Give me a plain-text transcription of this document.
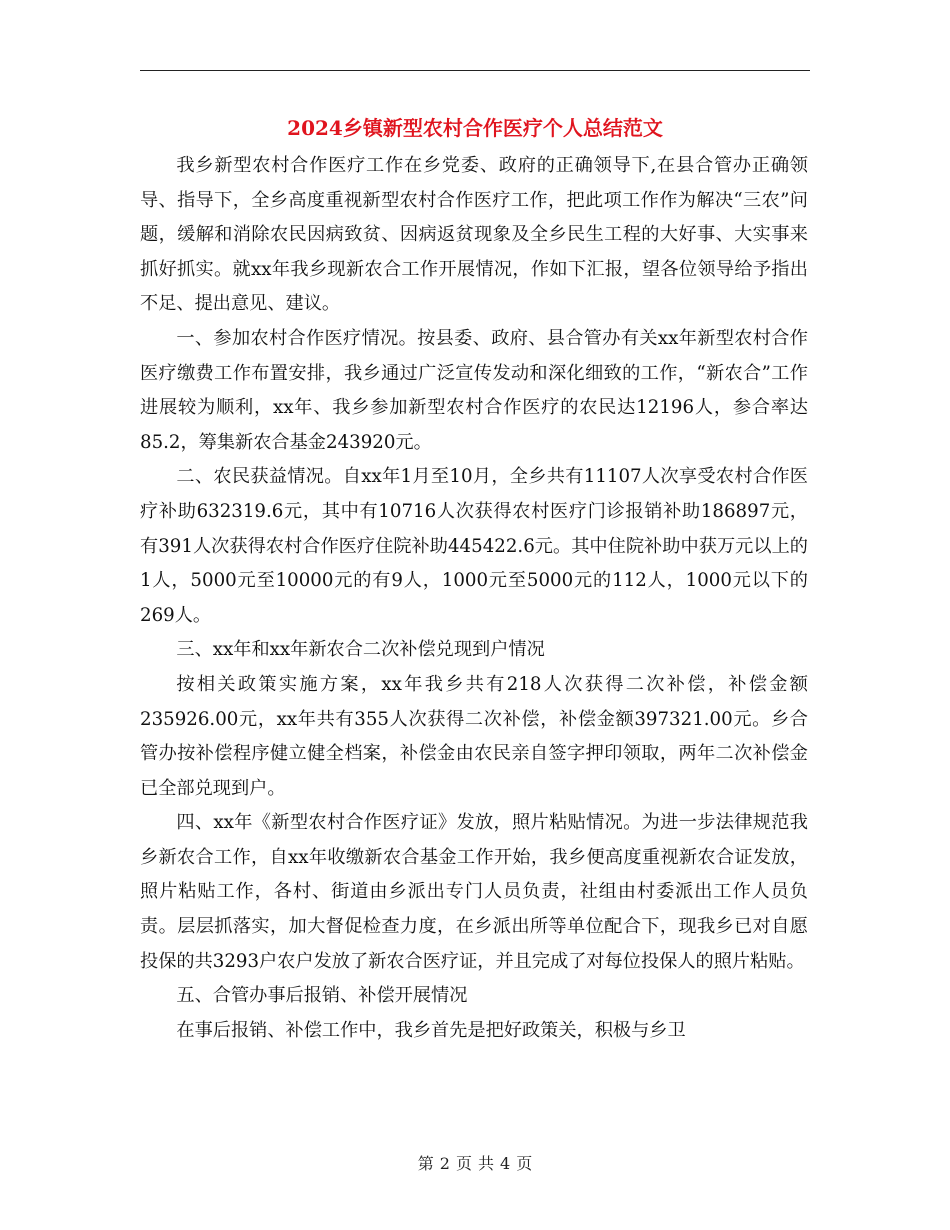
2024乡镇新型农村合作医疗个人总结范文

我乡新型农村合作医疗工作在乡党委、政府的正确领导下,在县合管办正确领导、指导下，全乡高度重视新型农村合作医疗工作，把此项工作作为解决“三农”问题，缓解和消除农民因病致贫、因病返贫现象及全乡民生工程的大好事、大实事来抓好抓实。就xx年我乡现新农合工作开展情况，作如下汇报，望各位领导给予指出不足、提出意见、建议。

一、参加农村合作医疗情况。按县委、政府、县合管办有关xx年新型农村合作医疗缴费工作布置安排，我乡通过广泛宣传发动和深化细致的工作，“新农合”工作进展较为顺利，xx年、我乡参加新型农村合作医疗的农民达12196人，参合率达85.2，筹集新农合基金243920元。

二、农民获益情况。自xx年1月至10月，全乡共有11107人次享受农村合作医疗补助632319.6元，其中有10716人次获得农村医疗门诊报销补助186897元，有391人次获得农村合作医疗住院补助445422.6元。其中住院补助中获万元以上的1人，5000元至10000元的有9人，1000元至5000元的112人，1000元以下的269人。

三、xx年和xx年新农合二次补偿兑现到户情况

按相关政策实施方案，xx年我乡共有218人次获得二次补偿，补偿金额235926.00元，xx年共有355人次获得二次补偿，补偿金额397321.00元。乡合管办按补偿程序健立健全档案，补偿金由农民亲自签字押印领取，两年二次补偿金已全部兑现到户。

四、xx年《新型农村合作医疗证》发放，照片粘贴情况。为进一步法律规范我乡新农合工作，自xx年收缴新农合基金工作开始，我乡便高度重视新农合证发放，照片粘贴工作，各村、街道由乡派出专门人员负责，社组由村委派出工作人员负责。层层抓落实，加大督促检查力度，在乡派出所等单位配合下，现我乡已对自愿投保的共3293户农户发放了新农合医疗证，并且完成了对每位投保人的照片粘贴。

五、合管办事后报销、补偿开展情况

在事后报销、补偿工作中，我乡首先是把好政策关，积极与乡卫

第 2 页 共 4 页
